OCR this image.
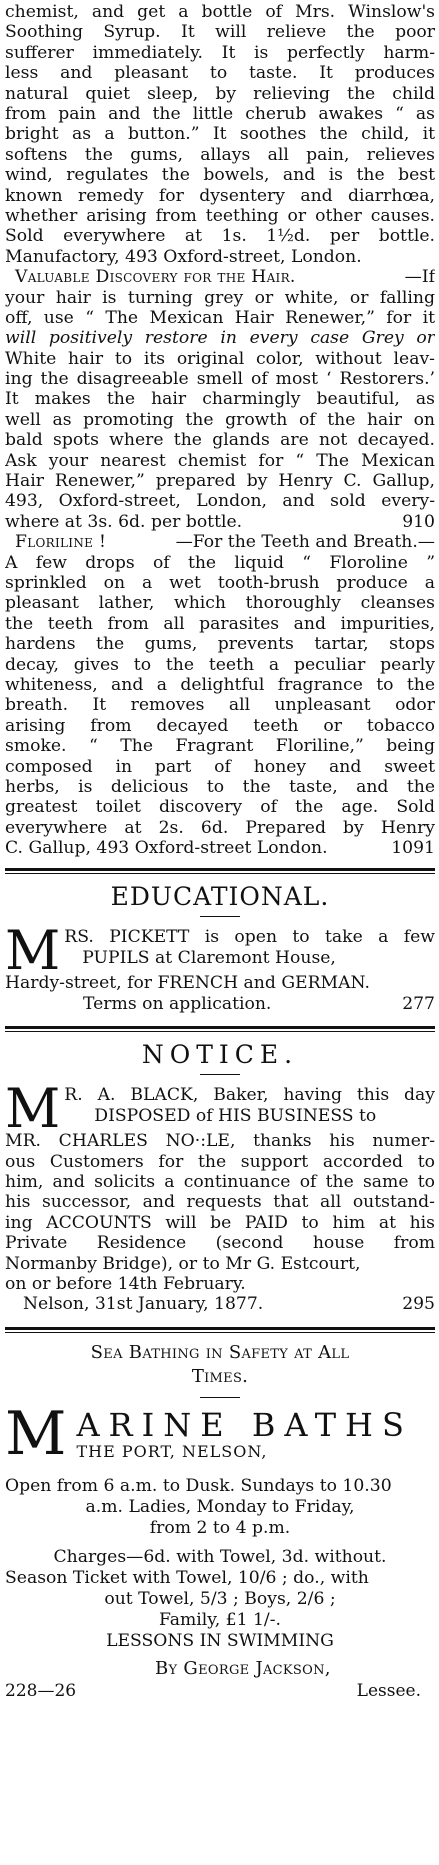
chemist, and get a bottle of Mrs. Winslow's
Soothing Syrup. It will relieve the poor
sufferer immediately. It is perfectly harm-
less and pleasant to taste. It produces
natural quiet sleep, by relieving the child
from pain and the little cherub awakes “ as
bright as a button.” It soothes the child, it
softens the gums, allays all pain, relieves
wind, regulates the bowels, and is the best
known remedy for dysentery and diarrhœa,
whether arising from teething or other causes.
Sold everywhere at 1s. 1½d. per bottle.
Manufactory, 493 Oxford-street, London.
Valuable Discovery for the Hair.	—If
your hair is turning grey or white, or falling
off, use “ The Mexican Hair Renewer,” for it
will positively restore in every case Grey or
White hair to its original color, without leav-
ing the disagreeable smell of most ‘ Restorers.’
It makes the hair charmingly beautiful, as
well as promoting the growth of the hair on
bald spots where the glands are not decayed.
Ask your nearest chemist for “ The Mexican
Hair Renewer,” prepared by Henry C. Gallup,
493, Oxford-street, London, and sold every-
where at 3s. 6d. per bottle.	910
Floriline !	—For the Teeth and Breath.—
A few drops of the liquid “ Floroline ”
sprinkled on a wet tooth-brush produce a
pleasant lather, which thoroughly cleanses
the teeth from all parasites and impurities,
hardens the gums, prevents tartar, stops
decay, gives to the teeth a peculiar pearly
whiteness, and a delightful fragrance to the
breath. It removes all unpleasant odor
arising from decayed teeth or tobacco
smoke. “ The Fragrant Floriline,” being
composed in part of honey and sweet
herbs, is delicious to the taste, and the
greatest toilet discovery of the age. Sold
everywhere at 2s. 6d. Prepared by Henry
C. Gallup, 493 Oxford-street London.	1091
EDUCATIONAL.
M RS. PICKETT is open to take a few
PUPILS at Claremont House,
Hardy-street, for FRENCH and GERMAN.
Terms on application.	277
NOTICE.
M R. A. BLACK, Baker, having this day
DISPOSED of HIS BUSINESS to
MR. CHARLES NO·:LE, thanks his numer-
ous Customers for the support accorded to
him, and solicits a continuance of the same to
his successor, and requests that all outstand-
ing ACCOUNTS will be PAID to him at his
Private Residence (second house from
Normanby Bridge), or to Mr G. Estcourt,
on or before 14th February.
Nelson, 31st January, 1877.	295
Sea Bathing in Safety at All
Times.
M ARINE BATHS
THE PORT, NELSON,
Open from 6 a.m. to Dusk. Sundays to 10.30
a.m. Ladies, Monday to Friday,
from 2 to 4 p.m.
Charges—6d. with Towel, 3d. without.
Season Ticket with Towel, 10/6 ; do., with
out Towel, 5/3 ; Boys, 2/6 ;
Family, £1 1/-.
LESSONS IN SWIMMING
By George Jackson,
228—26	Lessee.
